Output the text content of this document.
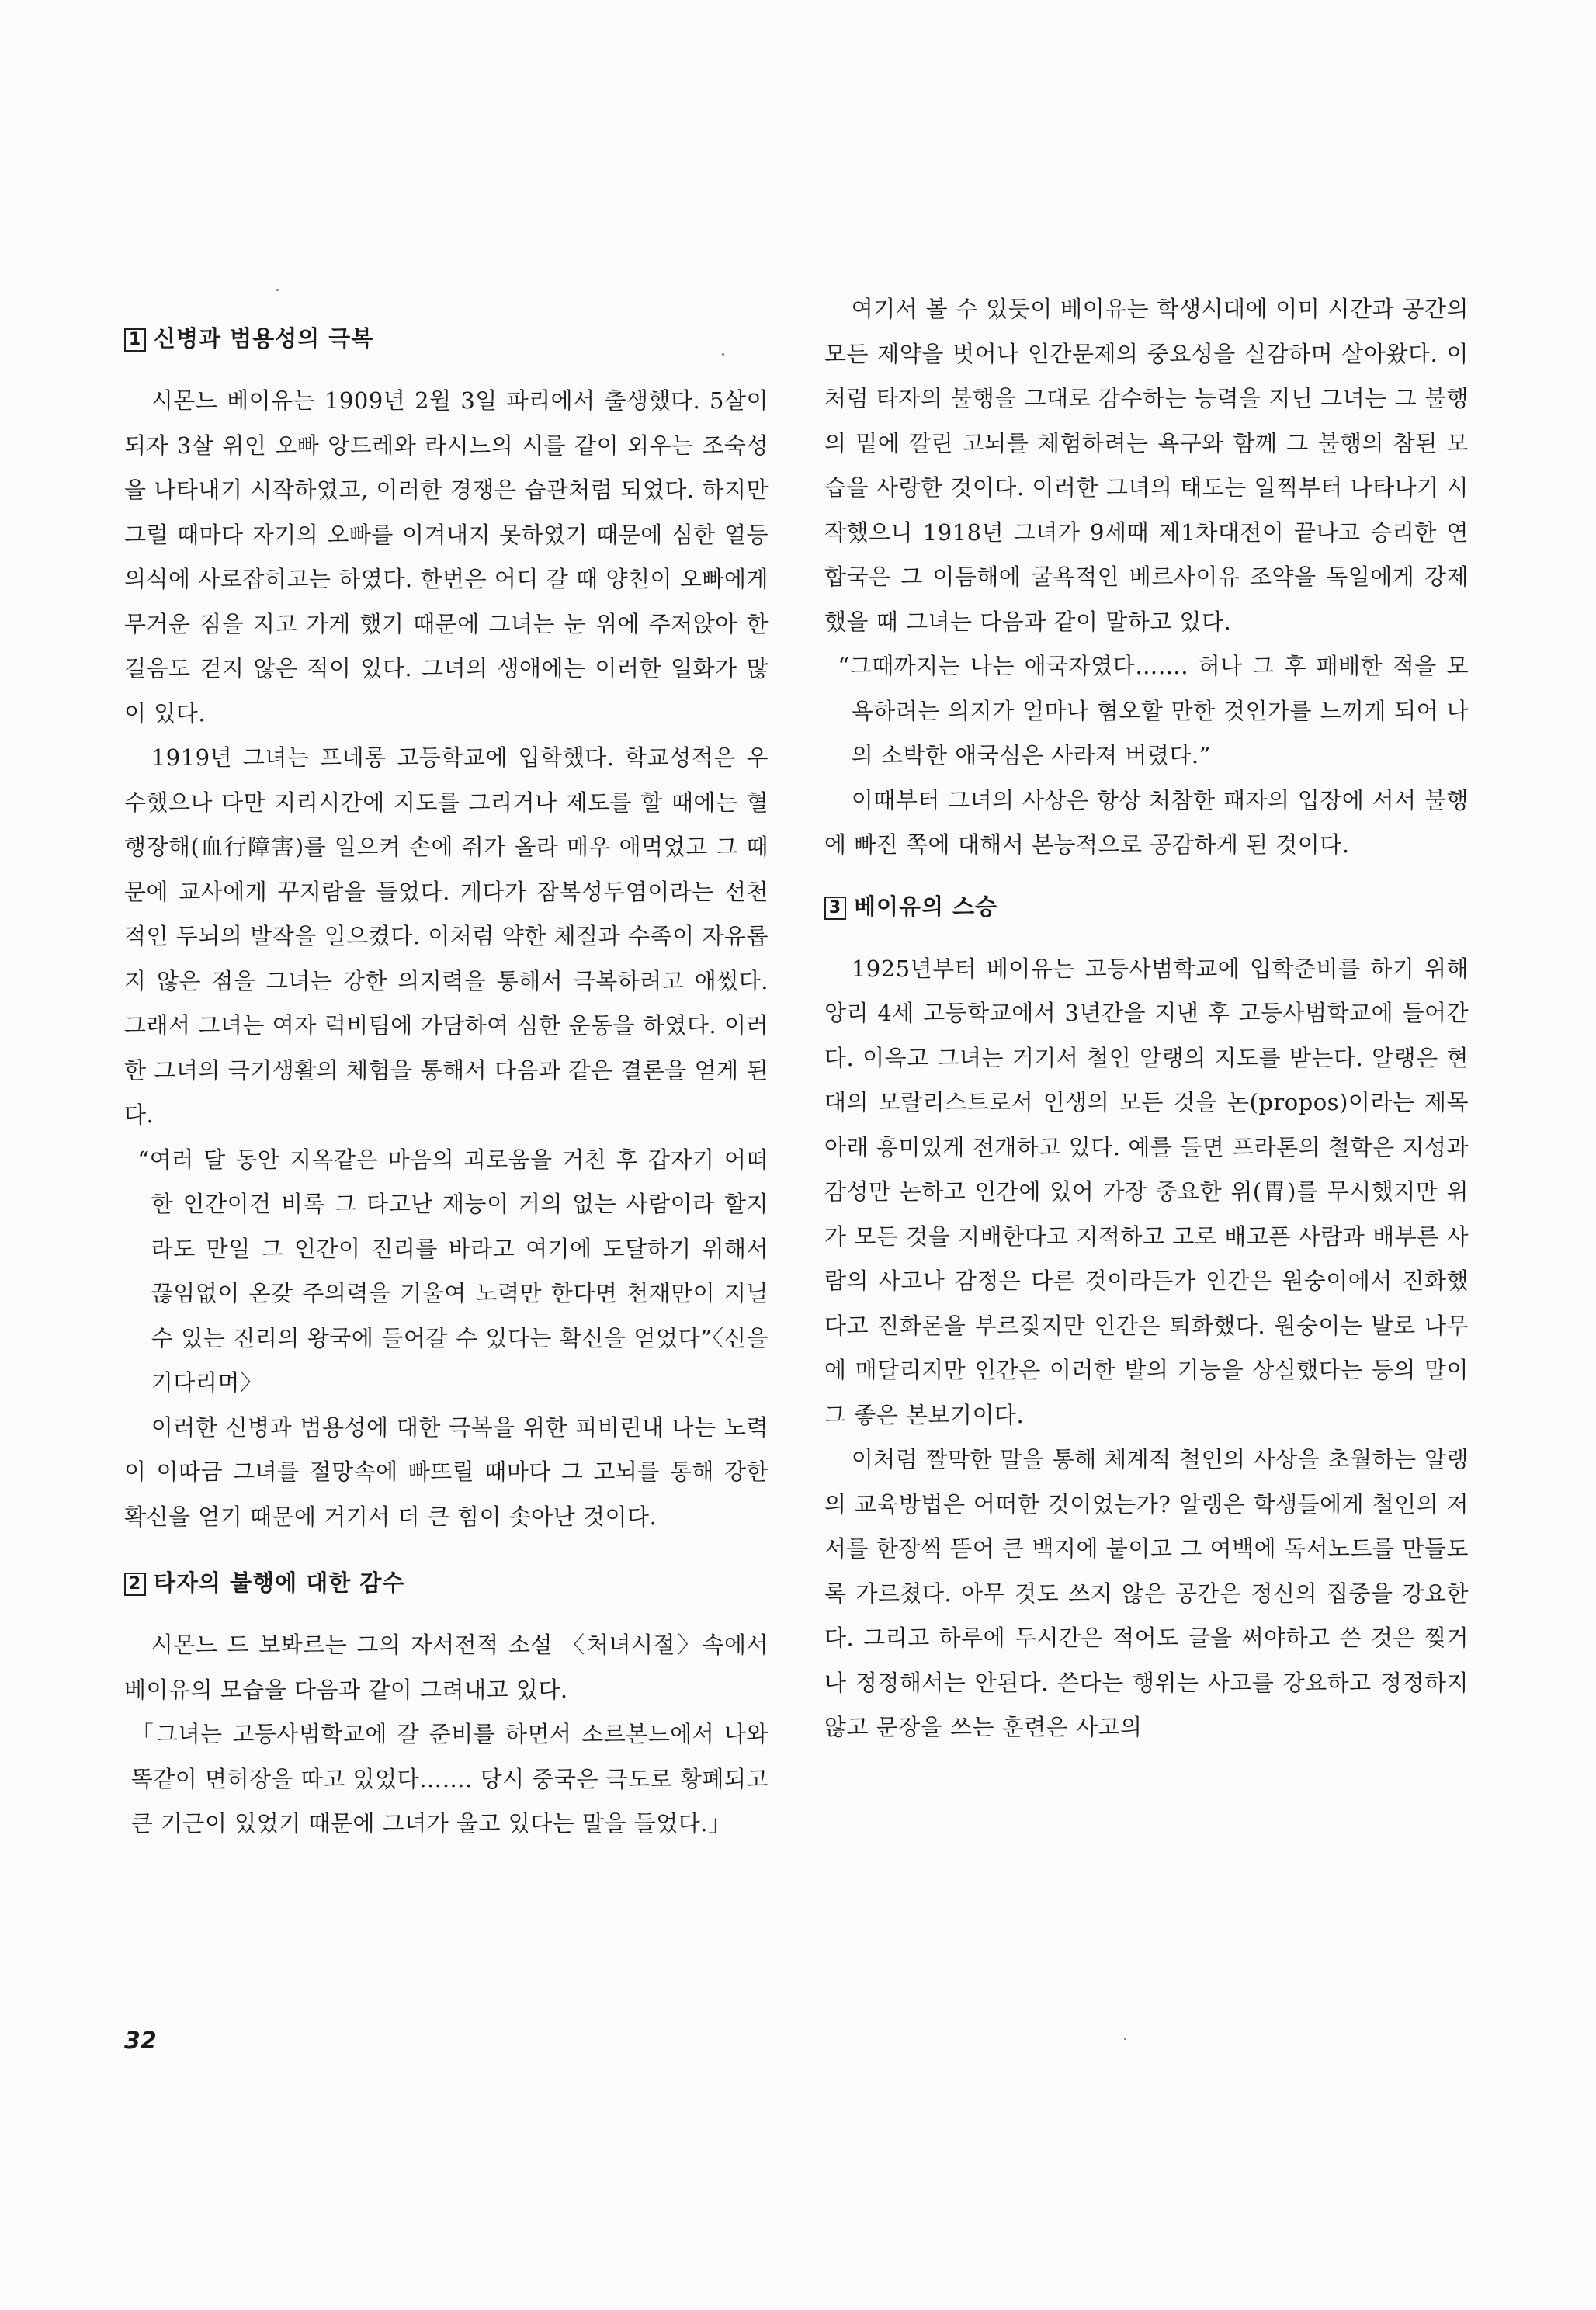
1 신병과 범용성의 극복

시몬느 베이유는 1909년 2월 3일 파리에서 출생했다. 5살이 되자 3살 위인 오빠 앙드레와 라시느의 시를 같이 외우는 조숙성을 나타내기 시작하였고, 이러한 경쟁은 습관처럼 되었다. 하지만 그럴 때마다 자기의 오빠를 이겨내지 못하였기 때문에 심한 열등의식에 사로잡히고는 하였다. 한번은 어디 갈 때 양친이 오빠에게 무거운 짐을 지고 가게 했기 때문에 그녀는 눈 위에 주저앉아 한 걸음도 걷지 않은 적이 있다. 그녀의 생애에는 이러한 일화가 많이 있다.

1919년 그녀는 프네롱 고등학교에 입학했다. 학교성적은 우수했으나 다만 지리시간에 지도를 그리거나 제도를 할 때에는 혈행장해(血行障害)를 일으켜 손에 쥐가 올라 매우 애먹었고 그 때문에 교사에게 꾸지람을 들었다. 게다가 잠복성두염이라는 선천적인 두뇌의 발작을 일으켰다. 이처럼 약한 체질과 수족이 자유롭지 않은 점을 그녀는 강한 의지력을 통해서 극복하려고 애썼다. 그래서 그녀는 여자 럭비팀에 가담하여 심한 운동을 하였다. 이러한 그녀의 극기생활의 체험을 통해서 다음과 같은 결론을 얻게 된다.

“여러 달 동안 지옥같은 마음의 괴로움을 거친 후 갑자기 어떠한 인간이건 비록 그 타고난 재능이 거의 없는 사람이라 할지라도 만일 그 인간이 진리를 바라고 여기에 도달하기 위해서 끊임없이 온갖 주의력을 기울여 노력만 한다면 천재만이 지닐 수 있는 진리의 왕국에 들어갈 수 있다는 확신을 얻었다”〈신을 기다리며〉

이러한 신병과 범용성에 대한 극복을 위한 피비린내 나는 노력이 이따금 그녀를 절망속에 빠뜨릴 때마다 그 고뇌를 통해 강한 확신을 얻기 때문에 거기서 더 큰 힘이 솟아난 것이다.

2 타자의 불행에 대한 감수

시몬느 드 보봐르는 그의 자서전적 소설 〈처녀시절〉속에서 베이유의 모습을 다음과 같이 그려내고 있다.

「그녀는 고등사범학교에 갈 준비를 하면서 소르본느에서 나와 똑같이 면허장을 따고 있었다……. 당시 중국은 극도로 황폐되고 큰 기근이 있었기 때문에 그녀가 울고 있다는 말을 들었다.」

여기서 볼 수 있듯이 베이유는 학생시대에 이미 시간과 공간의 모든 제약을 벗어나 인간문제의 중요성을 실감하며 살아왔다. 이처럼 타자의 불행을 그대로 감수하는 능력을 지닌 그녀는 그 불행의 밑에 깔린 고뇌를 체험하려는 욕구와 함께 그 불행의 참된 모습을 사랑한 것이다. 이러한 그녀의 태도는 일찍부터 나타나기 시작했으니 1918년 그녀가 9세때 제1차대전이 끝나고 승리한 연합국은 그 이듬해에 굴욕적인 베르사이유 조약을 독일에게 강제했을 때 그녀는 다음과 같이 말하고 있다.

“그때까지는 나는 애국자였다……. 허나 그 후 패배한 적을 모욕하려는 의지가 얼마나 혐오할 만한 것인가를 느끼게 되어 나의 소박한 애국심은 사라져 버렸다.”

이때부터 그녀의 사상은 항상 처참한 패자의 입장에 서서 불행에 빠진 쪽에 대해서 본능적으로 공감하게 된 것이다.

3 베이유의 스승

1925년부터 베이유는 고등사범학교에 입학준비를 하기 위해 앙리 4세 고등학교에서 3년간을 지낸 후 고등사범학교에 들어간다. 이윽고 그녀는 거기서 철인 알랭의 지도를 받는다. 알랭은 현대의 모랄리스트로서 인생의 모든 것을 논(propos)이라는 제목 아래 흥미있게 전개하고 있다. 예를 들면 프라톤의 철학은 지성과 감성만 논하고 인간에 있어 가장 중요한 위(胃)를 무시했지만 위가 모든 것을 지배한다고 지적하고 고로 배고픈 사람과 배부른 사람의 사고나 감정은 다른 것이라든가 인간은 원숭이에서 진화했다고 진화론을 부르짖지만 인간은 퇴화했다. 원숭이는 발로 나무에 매달리지만 인간은 이러한 발의 기능을 상실했다는 등의 말이 그 좋은 본보기이다.

이처럼 짤막한 말을 통해 체계적 철인의 사상을 초월하는 알랭의 교육방법은 어떠한 것이었는가? 알랭은 학생들에게 철인의 저서를 한장씩 뜯어 큰 백지에 붙이고 그 여백에 독서노트를 만들도록 가르쳤다. 아무 것도 쓰지 않은 공간은 정신의 집중을 강요한다. 그리고 하루에 두시간은 적어도 글을 써야하고 쓴 것은 찢거나 정정해서는 안된다. 쓴다는 행위는 사고를 강요하고 정정하지 않고 문장을 쓰는 훈련은 사고의

32
